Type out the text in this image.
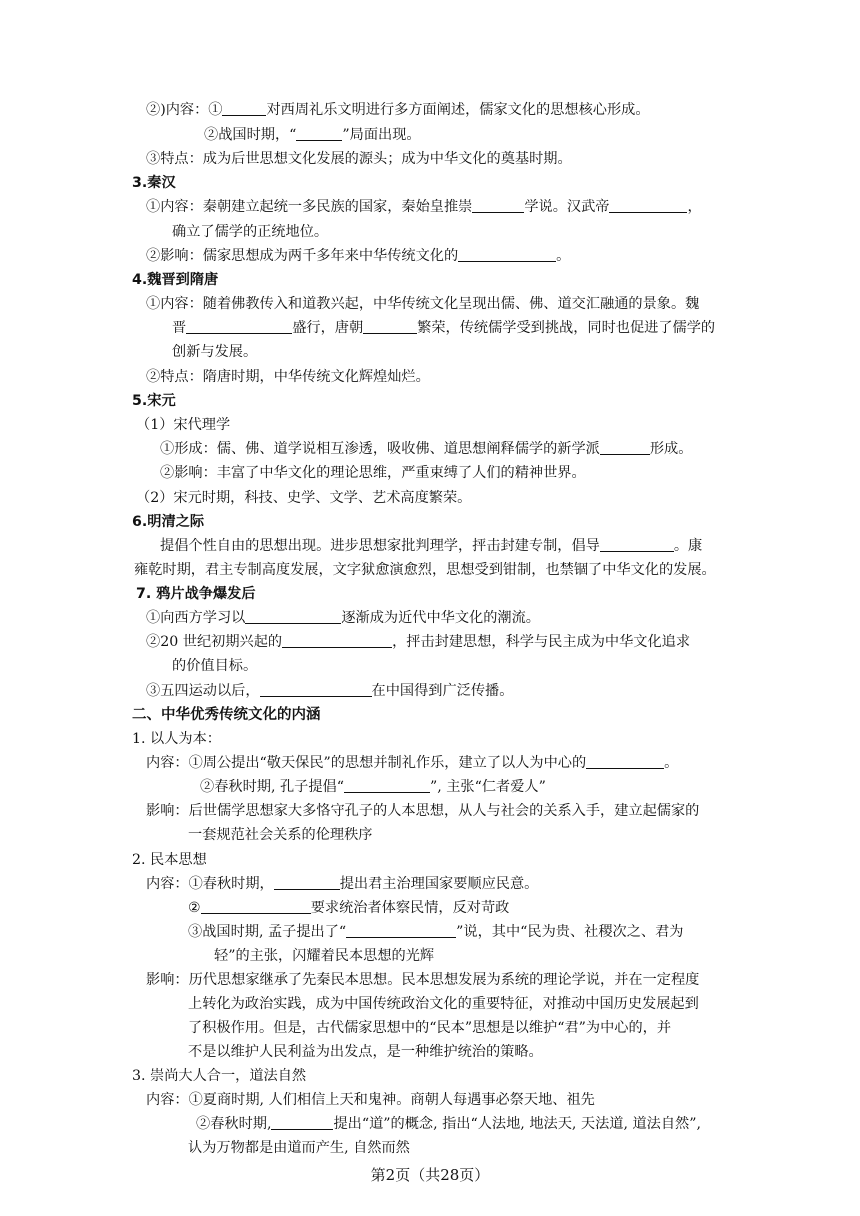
②)内容：①	对西周礼乐文明进行多方面阐述，儒家文化的思想核心形成。
②战国时期，“	”局面出现。
③特点：成为后世思想文化发展的源头；成为中华文化的奠基时期。
3.秦汉
①内容：秦朝建立起统一多民族的国家，秦始皇推崇	学说。汉武帝	，
确立了儒学的正统地位。
②影响：儒家思想成为两千多年来中华传统文化的	。
4.魏晋到隋唐
①内容：随着佛教传入和道教兴起，中华传统文化呈现出儒、佛、道交汇融通的景象。魏
晋	盛行，唐朝	繁荣，传统儒学受到挑战，同时也促进了儒学的
创新与发展。
②特点：隋唐时期，中华传统文化辉煌灿烂。
5.宋元
（1）宋代理学
①形成：儒、佛、道学说相互渗透，吸收佛、道思想阐释儒学的新学派	形成。
②影响：丰富了中华文化的理论思维，严重束缚了人们的精神世界。
（2）宋元时期，科技、史学、文学、艺术高度繁荣。
6.明清之际
提倡个性自由的思想出现。进步思想家批判理学，抨击封建专制，倡导	。康
雍乾时期，君主专制高度发展，文字狱愈演愈烈，思想受到钳制，也禁锢了中华文化的发展。
7. 鸦片战争爆发后
①向西方学习以	逐渐成为近代中华文化的潮流。
②20 世纪初期兴起的	，抨击封建思想，科学与民主成为中华文化追求
的价值目标。
③五四运动以后，	在中国得到广泛传播。
二、中华优秀传统文化的内涵
1. 以人为本：
内容：①周公提出“敬天保民”的思想并制礼作乐，建立了以人为中心的	。
②春秋时期, 孔子提倡“	”, 主张“仁者爱人”
影响：后世儒学思想家大多恪守孔子的人本思想，从人与社会的关系入手，建立起儒家的
一套规范社会关系的伦理秩序
2. 民本思想
内容：①春秋时期，	提出君主治理国家要顺应民意。
②	要求统治者体察民情，反对苛政
③战国时期, 孟子提出了“	”说，其中“民为贵、社稷次之、君为
轻”的主张，闪耀着民本思想的光辉
影响：历代思想家继承了先秦民本思想。民本思想发展为系统的理论学说，并在一定程度
上转化为政治实践，成为中国传统政治文化的重要特征，对推动中国历史发展起到
了积极作用。但是，古代儒家思想中的“民本”思想是以维护“君”为中心的，并
不是以维护人民利益为出发点，是一种维护统治的策略。
3. 崇尚大人合一，道法自然
内容：①夏商时期, 人们相信上天和鬼神。商朝人每遇事必祭天地、祖先
②春秋时期,	提出“道”的概念, 指出“人法地, 地法天, 天法道, 道法自然”,
认为万物都是由道而产生, 自然而然
第2页（共28页）
